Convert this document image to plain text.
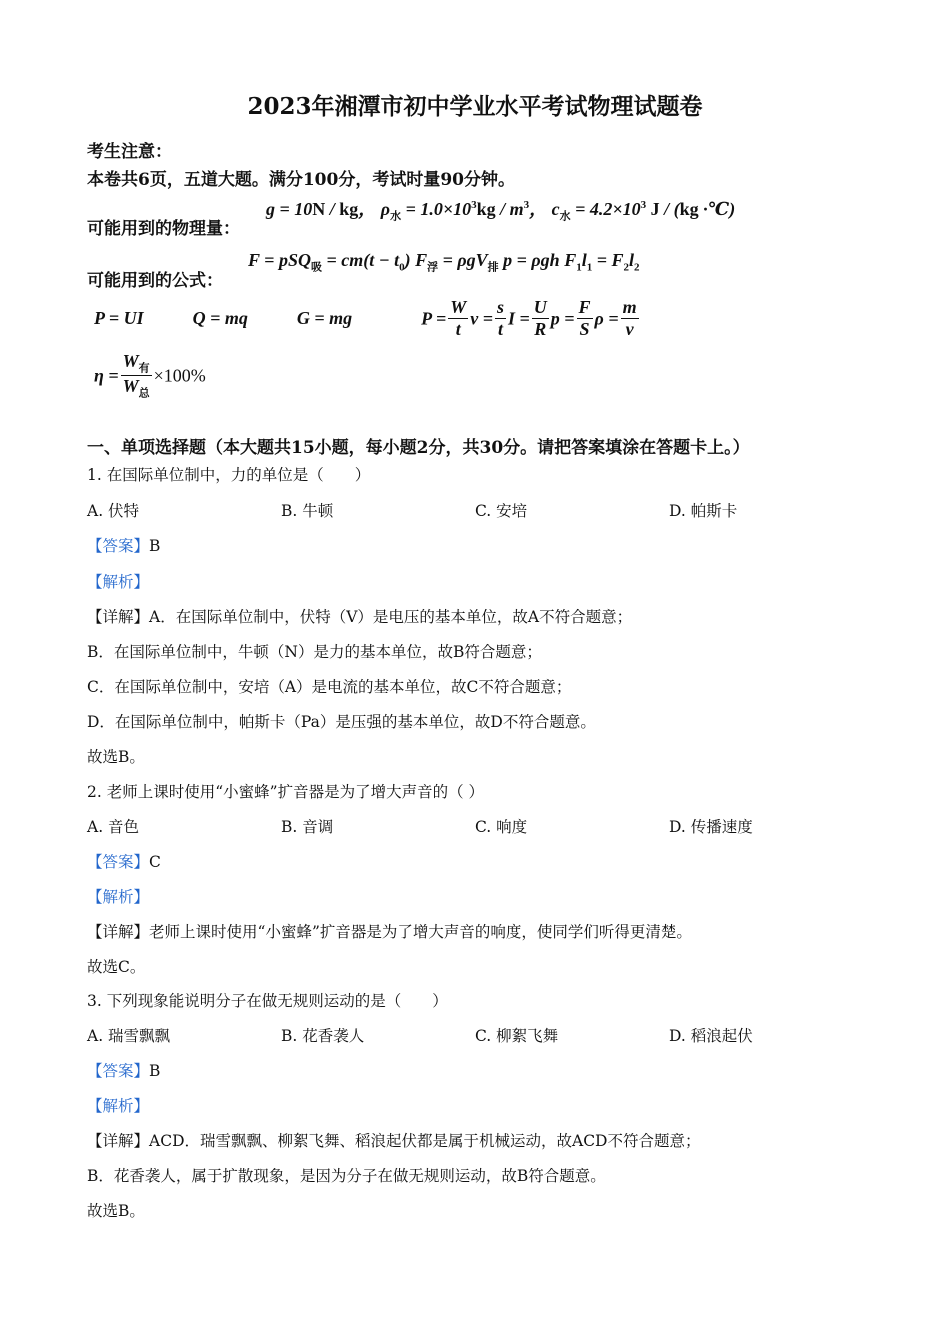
2023年湘潭市初中学业水平考试物理试题卷
考生注意：
本卷共6页，五道大题。满分100分，考试时量90分钟。
可能用到的物理量：
g = 10N / kg， $\rho_水 = 1.0\times 10^3kg / m^3$， $c_水 = 4.2\times 10^3$ J / (kg ·℃)
可能用到的公式：
$F = pSQ_吸 = cm(t - t_0)$ $F_浮 = \rho gV_排$ p = ρgh $F_1l_1 = F_2l_2$
P = UI	Q = mq	G = mg	$P = \frac{W}{t}$ $v = \frac{s}{t}$ $I = \frac{U}{R}$ $p = \frac{F}{S}$ $\rho = \frac{m}{v}$
$\eta = \frac{W_有}{W_总} \times 100\%$
一、单项选择题（本大题共15小题，每小题2分，共30分。请把答案填涂在答题卡上。）
1. 在国际单位制中，力的单位是（　　）
A. 伏特	B. 牛顿	C. 安培	D. 帕斯卡
【答案】B
【解析】
【详解】A．在国际单位制中，伏特（V）是电压的基本单位，故A不符合题意；
B．在国际单位制中，牛顿（N）是力的基本单位，故B符合题意；
C．在国际单位制中，安培（A）是电流的基本单位，故C不符合题意；
D．在国际单位制中，帕斯卡（Pa）是压强的基本单位，故D不符合题意。
故选B。
2. 老师上课时使用“小蜜蜂”扩音器是为了增大声音的（ ）
A. 音色	B. 音调	C. 响度	D. 传播速度
【答案】C
【解析】
【详解】老师上课时使用“小蜜蜂”扩音器是为了增大声音的响度，使同学们听得更清楚。
故选C。
3. 下列现象能说明分子在做无规则运动的是（　　）
A. 瑞雪飘飘	B. 花香袭人	C. 柳絮飞舞	D. 稻浪起伏
【答案】B
【解析】
【详解】ACD．瑞雪飘飘、柳絮飞舞、稻浪起伏都是属于机械运动，故ACD不符合题意；
B．花香袭人，属于扩散现象，是因为分子在做无规则运动，故B符合题意。
故选B。
